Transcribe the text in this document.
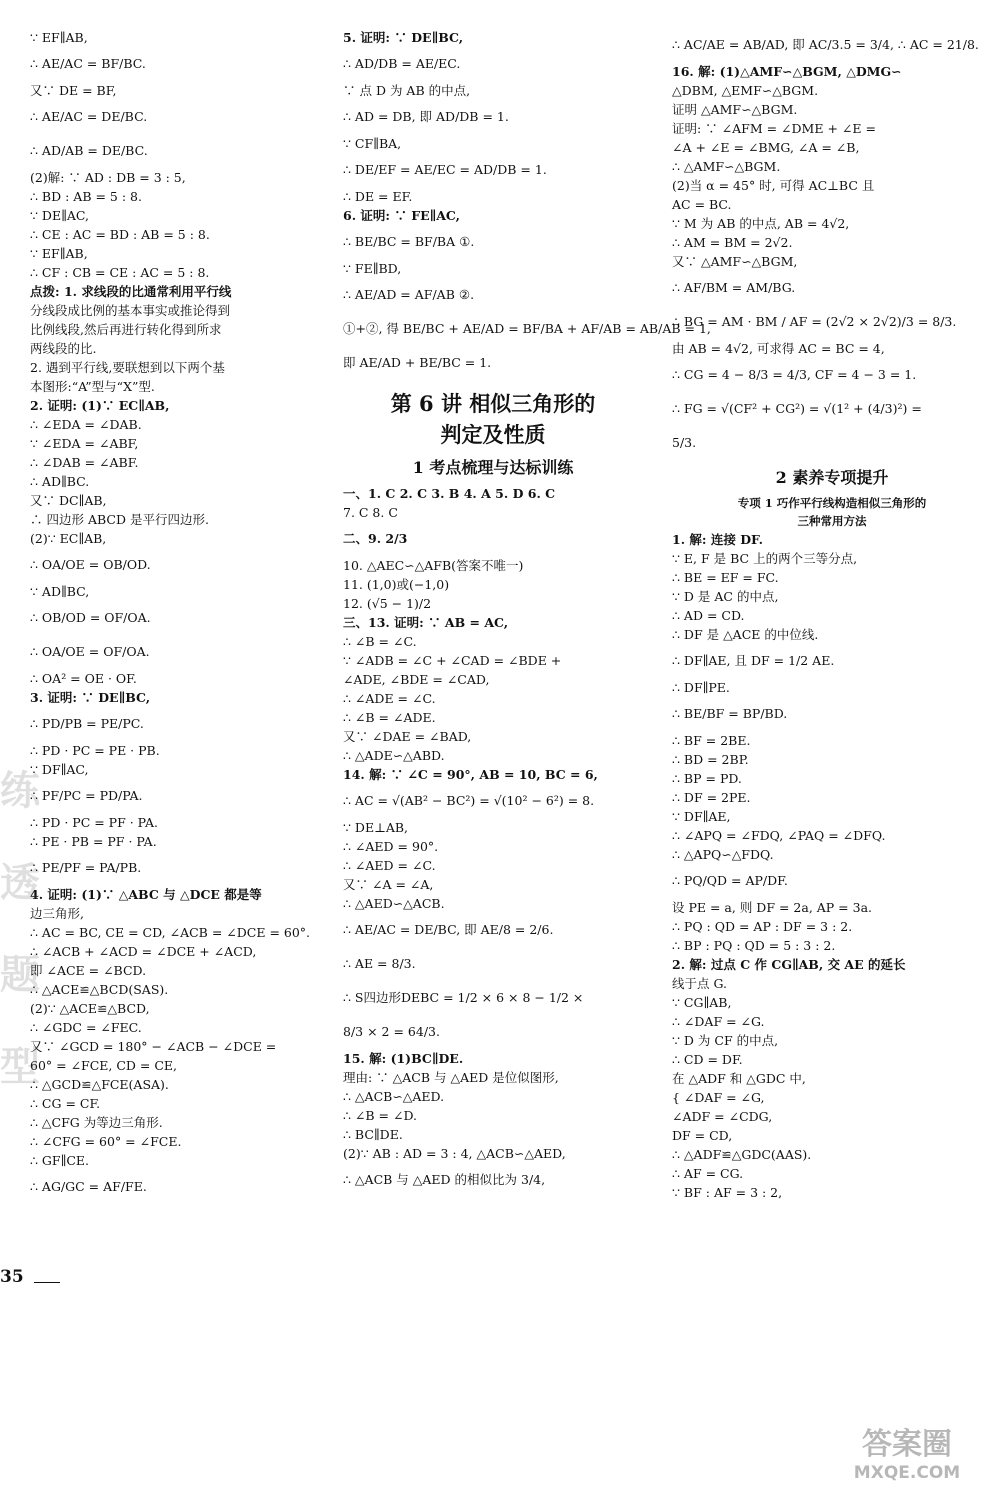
∵ EF∥AB,
∴ AE/AC = BF/BC.
又∵ DE = BF,
∴ AE/AC = DE/BC.
∴ AD/AB = DE/BC.
(2)解: ∵ AD : DB = 3 : 5,
∴ BD : AB = 5 : 8.
∵ DE∥AC,
∴ CE : AC = BD : AB = 5 : 8.
∵ EF∥AB,
∴ CF : CB = CE : AC = 5 : 8.
点拨: 1. 求线段的比通常利用平行线
分线段成比例的基本事实或推论得到
比例线段,然后再进行转化得到所求
两线段的比.
2. 遇到平行线,要联想到以下两个基
本图形:“A”型与“X”型.
2. 证明: (1)∵ EC∥AB,
∴ ∠EDA = ∠DAB.
∵ ∠EDA = ∠ABF,
∴ ∠DAB = ∠ABF.
∴ AD∥BC.
又∵ DC∥AB,
∴ 四边形 ABCD 是平行四边形.
(2)∵ EC∥AB,
∴ OA/OE = OB/OD.
∵ AD∥BC,
∴ OB/OD = OF/OA.
∴ OA/OE = OF/OA.
∴ OA² = OE · OF.
3. 证明: ∵ DE∥BC,
∴ PD/PB = PE/PC.
∴ PD · PC = PE · PB.
∵ DF∥AC,
∴ PF/PC = PD/PA.
∴ PD · PC = PF · PA.
∴ PE · PB = PF · PA.
∴ PE/PF = PA/PB.
4. 证明: (1)∵ △ABC 与 △DCE 都是等
边三角形,
∴ AC = BC, CE = CD, ∠ACB = ∠DCE = 60°.
∴ ∠ACB + ∠ACD = ∠DCE + ∠ACD,
即 ∠ACE = ∠BCD.
∴ △ACE≌△BCD(SAS).
(2)∵ △ACE≌△BCD,
∴ ∠GDC = ∠FEC.
又∵ ∠GCD = 180° − ∠ACB − ∠DCE =
60° = ∠FCE, CD = CE,
∴ △GCD≌△FCE(ASA).
∴ CG = CF.
∴ △CFG 为等边三角形.
∴ ∠CFG = 60° = ∠FCE.
∴ GF∥CE.
∴ AG/GC = AF/FE.
5. 证明: ∵ DE∥BC,
∴ AD/DB = AE/EC.
∵ 点 D 为 AB 的中点,
∴ AD = DB, 即 AD/DB = 1.
∵ CF∥BA,
∴ DE/EF = AE/EC = AD/DB = 1.
∴ DE = EF.
6. 证明: ∵ FE∥AC,
∴ BE/BC = BF/BA ①.
∵ FE∥BD,
∴ AE/AD = AF/AB ②.
①+②, 得 BE/BC + AE/AD = BF/BA + AF/AB = AB/AB = 1,
即 AE/AD + BE/BC = 1.
第 6 讲 相似三角形的
判定及性质
1 考点梳理与达标训练
一、1. C 2. C 3. B 4. A 5. D 6. C
7. C 8. C
二、9. 2/3
10. △AEC∽△AFB(答案不唯一)
11. (1,0)或(−1,0)
12. (√5 − 1)/2
三、13. 证明: ∵ AB = AC,
∴ ∠B = ∠C.
∵ ∠ADB = ∠C + ∠CAD = ∠BDE +
∠ADE, ∠BDE = ∠CAD,
∴ ∠ADE = ∠C.
∴ ∠B = ∠ADE.
又∵ ∠DAE = ∠BAD,
∴ △ADE∽△ABD.
14. 解: ∵ ∠C = 90°, AB = 10, BC = 6,
∴ AC = √(AB² − BC²) = √(10² − 6²) = 8.
∵ DE⊥AB,
∴ ∠AED = 90°.
∴ ∠AED = ∠C.
又∵ ∠A = ∠A,
∴ △AED∽△ACB.
∴ AE/AC = DE/BC, 即 AE/8 = 2/6.
∴ AE = 8/3.
∴ S四边形DEBC = 1/2 × 6 × 8 − 1/2 ×
8/3 × 2 = 64/3.
15. 解: (1)BC∥DE.
理由: ∵ △ACB 与 △AED 是位似图形,
∴ △ACB∽△AED.
∴ ∠B = ∠D.
∴ BC∥DE.
(2)∵ AB : AD = 3 : 4, △ACB∽△AED,
∴ △ACB 与 △AED 的相似比为 3/4,
∴ AC/AE = AB/AD, 即 AC/3.5 = 3/4, ∴ AC = 21/8.
16. 解: (1)△AMF∽△BGM, △DMG∽
△DBM, △EMF∽△BGM.
证明 △AMF∽△BGM.
证明: ∵ ∠AFM = ∠DME + ∠E =
∠A + ∠E = ∠BMG, ∠A = ∠B,
∴ △AMF∽△BGM.
(2)当 α = 45° 时, 可得 AC⊥BC 且
AC = BC.
∵ M 为 AB 的中点, AB = 4√2,
∴ AM = BM = 2√2.
又∵ △AMF∽△BGM,
∴ AF/BM = AM/BG.
∴ BG = AM · BM / AF = (2√2 × 2√2)/3 = 8/3.
由 AB = 4√2, 可求得 AC = BC = 4,
∴ CG = 4 − 8/3 = 4/3, CF = 4 − 3 = 1.
∴ FG = √(CF² + CG²) = √(1² + (4/3)²) =
5/3.
2 素养专项提升
专项 1 巧作平行线构造相似三角形的
三种常用方法
1. 解: 连接 DF.
∵ E, F 是 BC 上的两个三等分点,
∴ BE = EF = FC.
∵ D 是 AC 的中点,
∴ AD = CD.
∴ DF 是 △ACE 的中位线.
∴ DF∥AE, 且 DF = 1/2 AE.
∴ DF∥PE.
∴ BE/BF = BP/BD.
∴ BF = 2BE.
∴ BD = 2BP.
∴ BP = PD.
∴ DF = 2PE.
∵ DF∥AE,
∴ ∠APQ = ∠FDQ, ∠PAQ = ∠DFQ.
∴ △APQ∽△FDQ.
∴ PQ/QD = AP/DF.
设 PE = a, 则 DF = 2a, AP = 3a.
∴ PQ : QD = AP : DF = 3 : 2.
∴ BP : PQ : QD = 5 : 3 : 2.
2. 解: 过点 C 作 CG∥AB, 交 AE 的延长
线于点 G.
∵ CG∥AB,
∴ ∠DAF = ∠G.
∵ D 为 CF 的中点,
∴ CD = DF.
在 △ADF 和 △GDC 中,
{ ∠DAF = ∠G,
∠ADF = ∠CDG,
DF = CD,
∴ △ADF≌△GDC(AAS).
∴ AF = CG.
∵ BF : AF = 3 : 2,
练
透
题
型
35
答案圈
MXQE.COM
